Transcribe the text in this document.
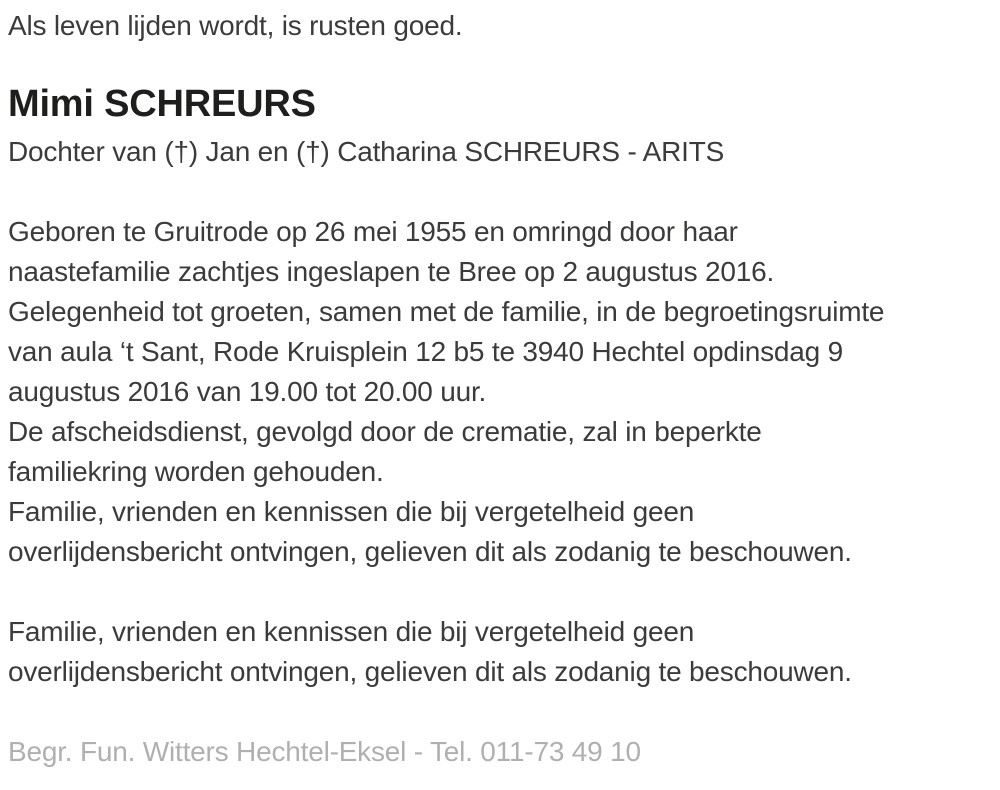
Als leven lijden wordt, is rusten goed.
Mimi SCHREURS
Dochter van (†) Jan en (†) Catharina SCHREURS - ARITS
Geboren te Gruitrode op 26 mei 1955 en omringd door haar
naastefamilie zachtjes ingeslapen te Bree op 2 augustus 2016.
Gelegenheid tot groeten, samen met de familie, in de begroetingsruimte
van aula ‘t Sant, Rode Kruisplein 12 b5 te 3940 Hechtel opdinsdag 9
augustus 2016 van 19.00 tot 20.00 uur.
De afscheidsdienst, gevolgd door de crematie, zal in beperkte
familiekring worden gehouden.
Familie, vrienden en kennissen die bij vergetelheid geen
overlijdensbericht ontvingen, gelieven dit als zodanig te beschouwen.
Familie, vrienden en kennissen die bij vergetelheid geen
overlijdensbericht ontvingen, gelieven dit als zodanig te beschouwen.
Begr. Fun. Witters Hechtel-Eksel - Tel. 011-73 49 10
